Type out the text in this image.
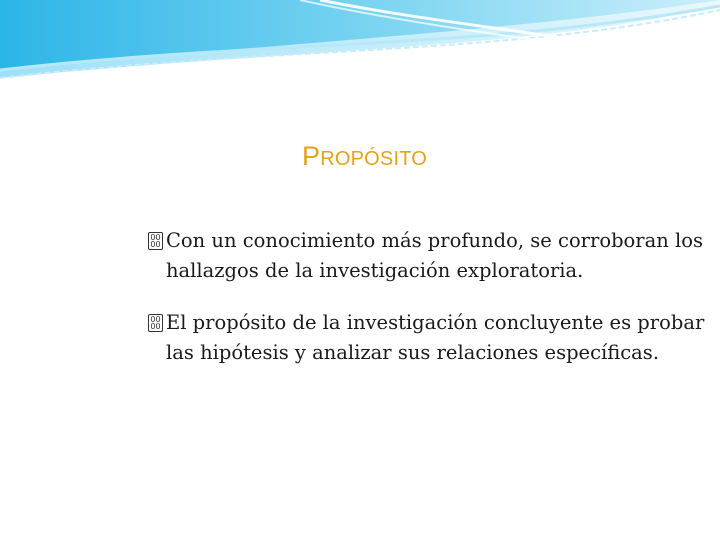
PROPÓSITO
00
00 Con un conocimiento más profundo, se corroboran los hallazgos de la investigación exploratoria.
00
00 El propósito de la investigación concluyente es probar las hipótesis y analizar sus relaciones específicas.
